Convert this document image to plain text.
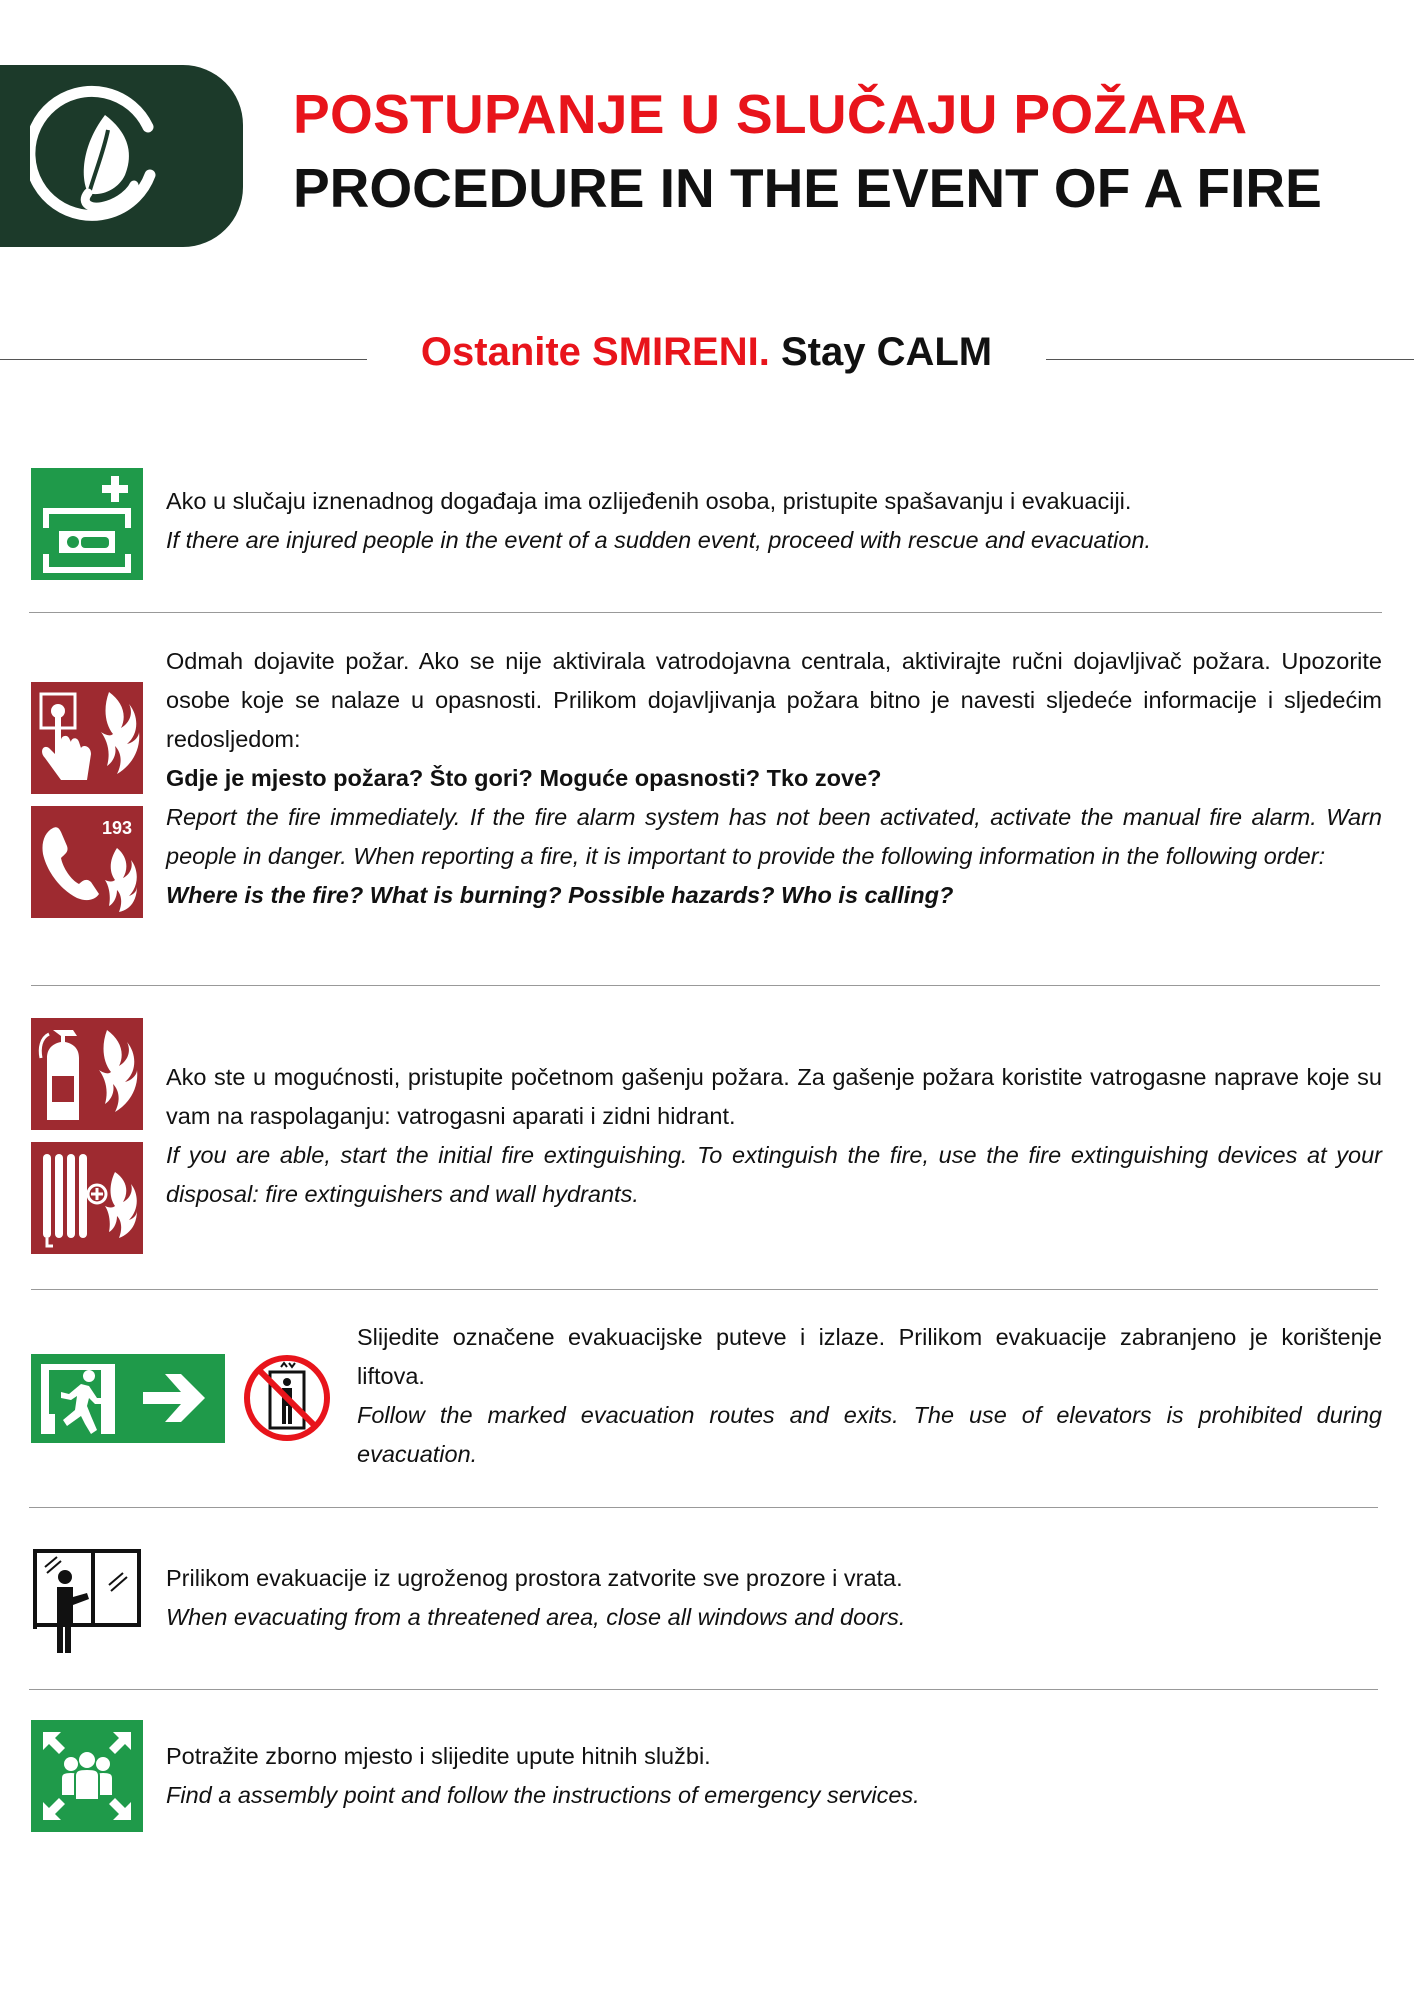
POSTUPANJE U SLUČAJU POŽARA
PROCEDURE IN THE EVENT OF A FIRE
Ostanite SMIRENI. Stay CALM

Ako u slučaju iznenadnog događaja ima ozlijeđenih osoba, pristupite spašavanju i evakuaciji.

If there are injured people in the event of a sudden event, proceed with rescue and evacuation.

193

Odmah dojavite požar. Ako se nije aktivirala vatrodojavna centrala, aktivirajte ručni dojavljivač požara. Upozorite osobe koje se nalaze u opasnosti. Prilikom dojavljivanja požara bitno je navesti sljedeće informacije i sljedećim redosljedom:

Gdje je mjesto požara? Što gori? Moguće opasnosti? Tko zove?

Report the fire immediately. If the fire alarm system has not been activated, activate the manual fire alarm. Warn people in danger. When reporting a fire, it is important to provide the following information in the following order:

Where is the fire? What is burning? Possible hazards? Who is calling?

Ako ste u mogućnosti, pristupite početnom gašenju požara. Za gašenje požara koristite vatrogasne naprave koje su vam na raspolaganju: vatrogasni aparati i zidni hidrant.

If you are able, start the initial fire extinguishing. To extinguish the fire, use the fire extinguishing devices at your disposal: fire extinguishers and wall hydrants.

Slijedite označene evakuacijske puteve i izlaze. Prilikom evakuacije zabranjeno je korištenje liftova.

Follow the marked evacuation routes and exits. The use of elevators is prohibited during evacuation.

Prilikom evakuacije iz ugroženog prostora zatvorite sve prozore i vrata.

When evacuating from a threatened area, close all windows and doors.

Potražite zborno mjesto i slijedite upute hitnih službi.

Find a assembly point and follow the instructions of emergency services.
